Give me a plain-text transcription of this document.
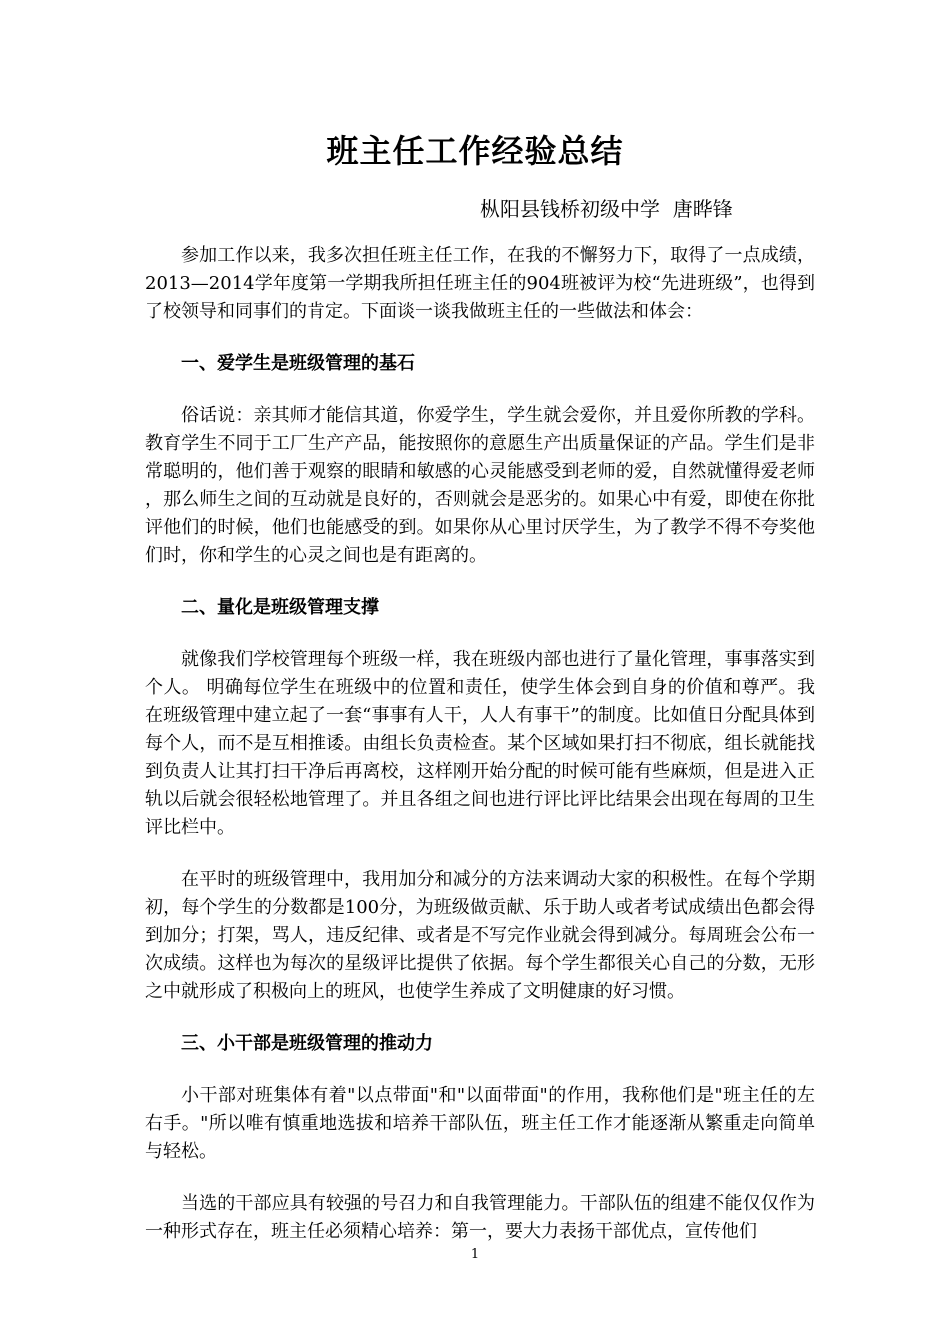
班主任工作经验总结
枞阳县钱桥初级中学  唐晔锋

参加工作以来，我多次担任班主任工作，在我的不懈努力下，取得了一点成绩，2013—2014学年度第一学期我所担任班主任的904班被评为校“先进班级”，也得到了校领导和同事们的肯定。下面谈一谈我做班主任的一些做法和体会：

一、爱学生是班级管理的基石

俗话说：亲其师才能信其道，你爱学生，学生就会爱你，并且爱你所教的学科。教育学生不同于工厂生产产品，能按照你的意愿生产出质量保证的产品。学生们是非常聪明的，他们善于观察的眼睛和敏感的心灵能感受到老师的爱，自然就懂得爱老师，那么师生之间的互动就是良好的，否则就会是恶劣的。如果心中有爱，即使在你批评他们的时候，他们也能感受的到。如果你从心里讨厌学生，为了教学不得不夸奖他们时，你和学生的心灵之间也是有距离的。

二、量化是班级管理支撑

就像我们学校管理每个班级一样，我在班级内部也进行了量化管理，事事落实到个人。 明确每位学生在班级中的位置和责任，使学生体会到自身的价值和尊严。我在班级管理中建立起了一套“事事有人干，人人有事干”的制度。比如值日分配具体到每个人，而不是互相推诿。由组长负责检查。某个区域如果打扫不彻底，组长就能找到负责人让其打扫干净后再离校，这样刚开始分配的时候可能有些麻烦，但是进入正轨以后就会很轻松地管理了。并且各组之间也进行评比评比结果会出现在每周的卫生评比栏中。

在平时的班级管理中，我用加分和减分的方法来调动大家的积极性。在每个学期初，每个学生的分数都是100分，为班级做贡献、乐于助人或者考试成绩出色都会得到加分；打架，骂人，违反纪律、或者是不写完作业就会得到减分。每周班会公布一次成绩。这样也为每次的星级评比提供了依据。每个学生都很关心自己的分数，无形之中就形成了积极向上的班风，也使学生养成了文明健康的好习惯。

三、小干部是班级管理的推动力

小干部对班集体有着"以点带面"和"以面带面"的作用，我称他们是"班主任的左右手。"所以唯有慎重地选拔和培养干部队伍，班主任工作才能逐渐从繁重走向简单与轻松。

当选的干部应具有较强的号召力和自我管理能力。干部队伍的组建不能仅仅作为一种形式存在，班主任必须精心培养：第一，要大力表扬干部优点，宣传他们

1
